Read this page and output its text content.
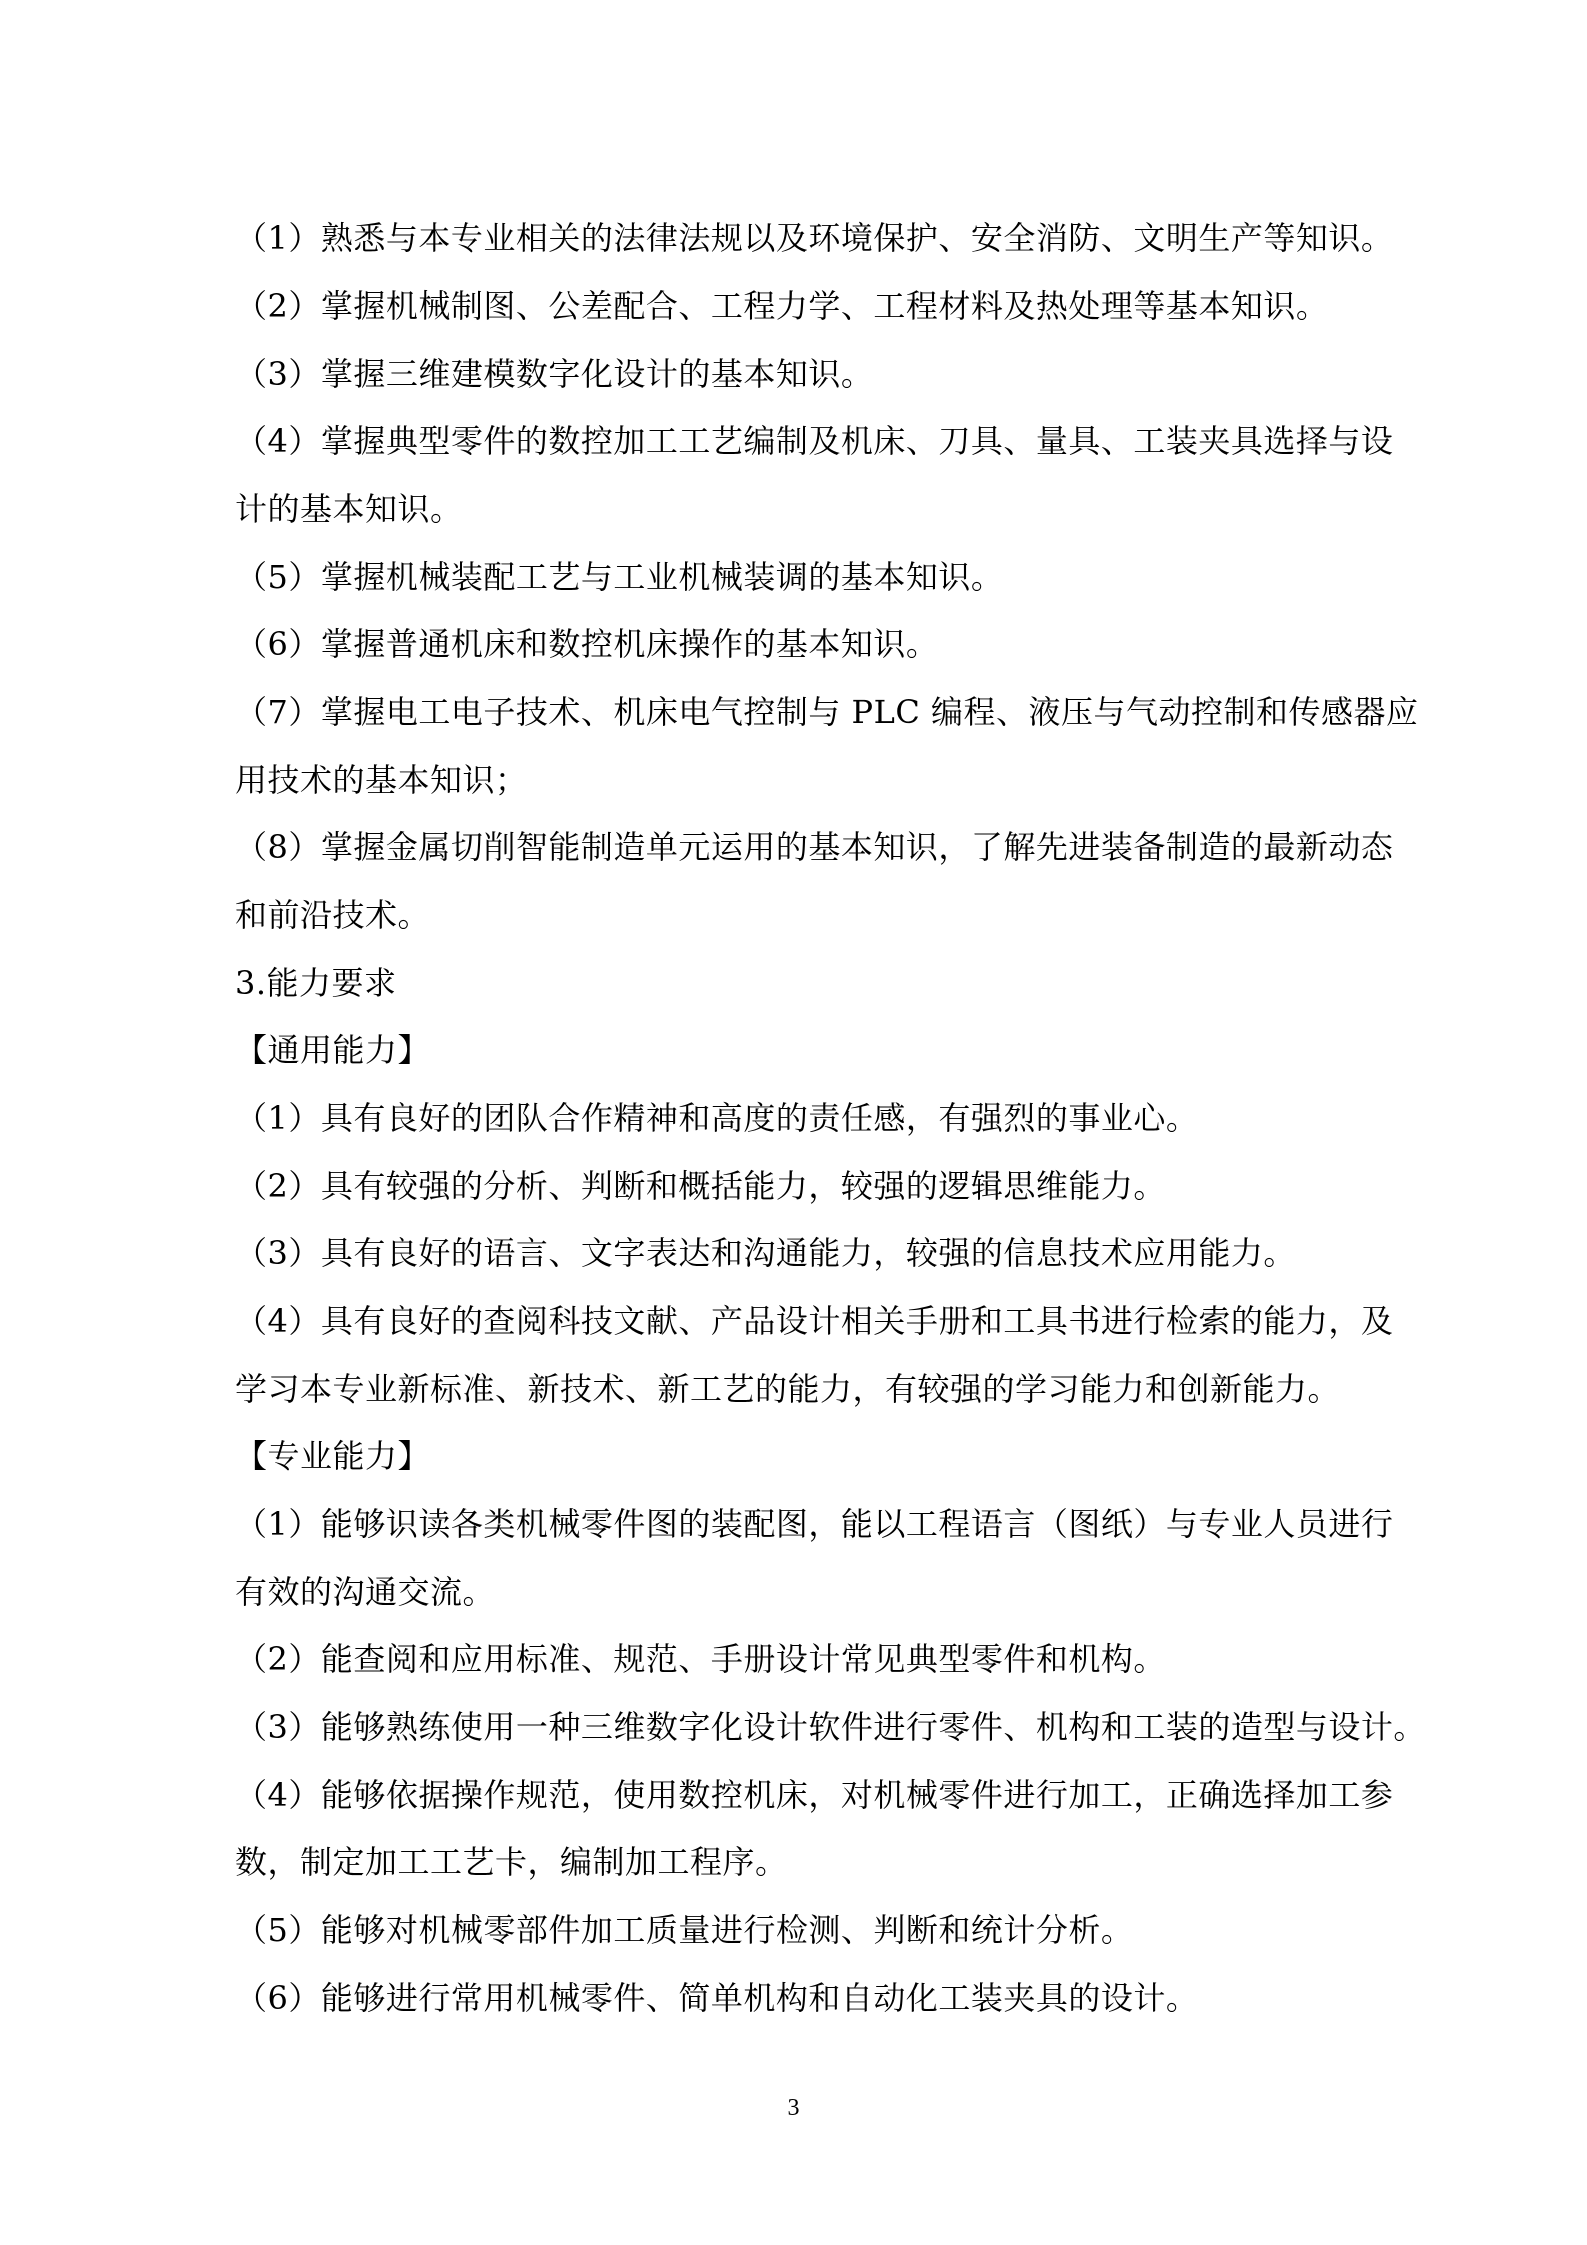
（1）熟悉与本专业相关的法律法规以及环境保护、安全消防、文明生产等知识。
（2）掌握机械制图、公差配合、工程力学、工程材料及热处理等基本知识。
（3）掌握三维建模数字化设计的基本知识。
（4）掌握典型零件的数控加工工艺编制及机床、刀具、量具、工装夹具选择与设
计的基本知识。
（5）掌握机械装配工艺与工业机械装调的基本知识。
（6）掌握普通机床和数控机床操作的基本知识。
（7）掌握电工电子技术、机床电气控制与 PLC 编程、液压与气动控制和传感器应
用技术的基本知识；
（8）掌握金属切削智能制造单元运用的基本知识，了解先进装备制造的最新动态
和前沿技术。
3.能力要求
【通用能力】
（1）具有良好的团队合作精神和高度的责任感，有强烈的事业心。
（2）具有较强的分析、判断和概括能力，较强的逻辑思维能力。
（3）具有良好的语言、文字表达和沟通能力，较强的信息技术应用能力。
（4）具有良好的查阅科技文献、产品设计相关手册和工具书进行检索的能力，及
学习本专业新标准、新技术、新工艺的能力，有较强的学习能力和创新能力。
【专业能力】
（1）能够识读各类机械零件图的装配图，能以工程语言（图纸）与专业人员进行
有效的沟通交流。
（2）能查阅和应用标准、规范、手册设计常见典型零件和机构。
（3）能够熟练使用一种三维数字化设计软件进行零件、机构和工装的造型与设计。
（4）能够依据操作规范，使用数控机床，对机械零件进行加工，正确选择加工参
数，制定加工工艺卡，编制加工程序。
（5）能够对机械零部件加工质量进行检测、判断和统计分析。
（6）能够进行常用机械零件、简单机构和自动化工装夹具的设计。
3
